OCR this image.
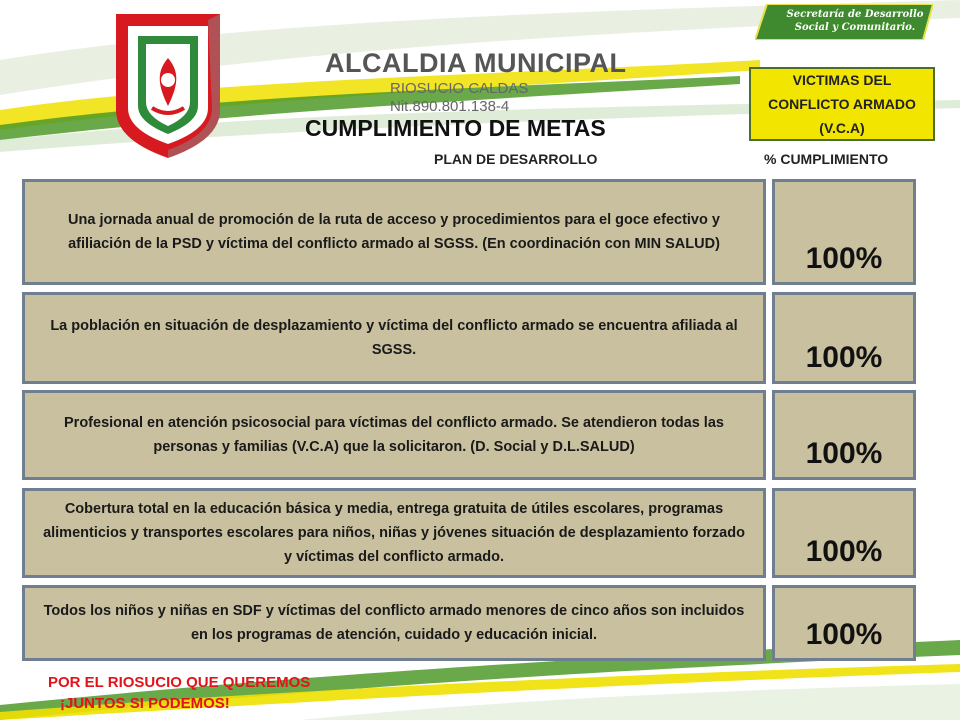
ALCALDIA MUNICIPAL
RIOSUCIO CALDAS
Nit.890.801.138-4
Secretaría de Desarrollo
Social y Comunitario.
VICTIMAS DEL CONFLICTO ARMADO (V.C.A)
CUMPLIMIENTO DE METAS
PLAN DE DESARROLLO	% CUMPLIMIENTO
Una jornada anual de promoción de la ruta de acceso y procedimientos para el goce efectivo y afiliación de la PSD y víctima del conflicto armado al SGSS. (En coordinación con MIN SALUD)	100%
La población en situación de desplazamiento y víctima del conflicto armado se encuentra afiliada al SGSS.	100%
Profesional en atención psicosocial para víctimas del conflicto armado. Se atendieron todas las personas y familias (V.C.A) que la solicitaron. (D. Social y D.L.SALUD)	100%
Cobertura total en la educación básica y media, entrega gratuita de útiles escolares, programas alimenticios y transportes escolares para niños, niñas y jóvenes situación de desplazamiento forzado y víctimas del conflicto armado.	100%
Todos los niños y niñas en SDF y víctimas del conflicto armado menores de cinco años son incluidos en los programas de atención, cuidado y educación inicial.	100%
POR EL RIOSUCIO QUE QUEREMOS
¡JUNTOS SI PODEMOS!
